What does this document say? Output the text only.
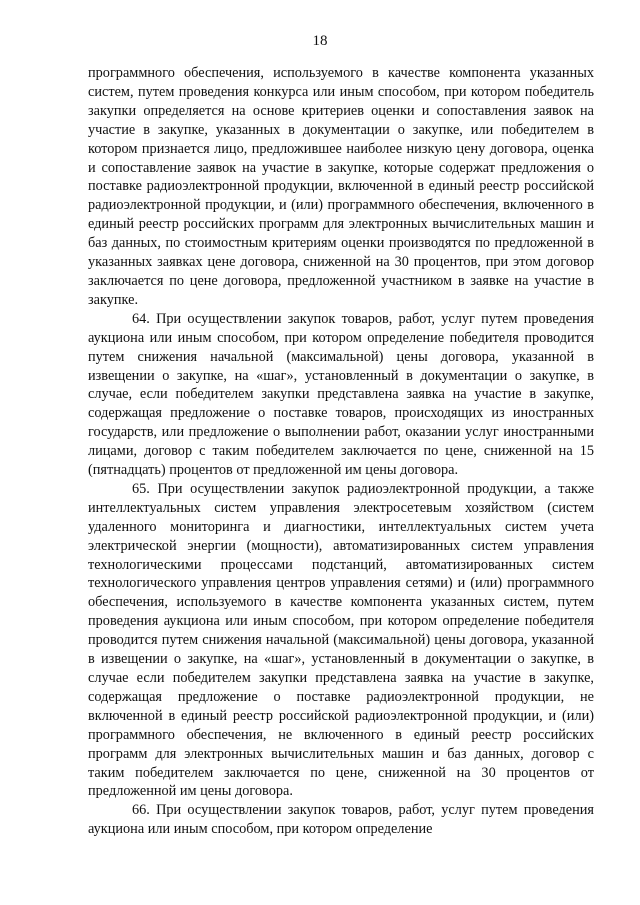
18

программного обеспечения, используемого в качестве компонента указанных систем, путем проведения конкурса или иным способом, при котором победитель закупки определяется на основе критериев оценки и сопоставления заявок на участие в закупке, указанных в документации о закупке, или победителем в котором признается лицо, предложившее наиболее низкую цену договора, оценка и сопоставление заявок на участие в закупке, которые содержат предложения о поставке радиоэлектронной продукции, включенной в единый реестр российской радиоэлектронной продукции, и (или) программного обеспечения, включенного в единый реестр российских программ для электронных вычислительных машин и баз данных, по стоимостным критериям оценки производятся по предложенной в указанных заявках цене договора, сниженной на 30 процентов, при этом договор заключается по цене договора, предложенной участником в заявке на участие в закупке.

64. При осуществлении закупок товаров, работ, услуг путем проведения аукциона или иным способом, при котором определение победителя проводится путем снижения начальной (максимальной) цены договора, указанной в извещении о закупке, на «шаг», установленный в документации о закупке, в случае, если победителем закупки представлена заявка на участие в закупке, содержащая предложение о поставке товаров, происходящих из иностранных государств, или предложение о выполнении работ, оказании услуг иностранными лицами, договор с таким победителем заключается по цене, сниженной на 15 (пятнадцать) процентов от предложенной им цены договора.

65. При осуществлении закупок радиоэлектронной продукции, а также интеллектуальных систем управления электросетевым хозяйством (систем удаленного мониторинга и диагностики, интеллектуальных систем учета электрической энергии (мощности), автоматизированных систем управления технологическими процессами подстанций, автоматизированных систем технологического управления центров управления сетями) и (или) программного обеспечения, используемого в качестве компонента указанных систем, путем проведения аукциона или иным способом, при котором определение победителя проводится путем снижения начальной (максимальной) цены договора, указанной в извещении о закупке, на «шаг», установленный в документации о закупке, в случае если победителем закупки представлена заявка на участие в закупке, содержащая предложение о поставке радиоэлектронной продукции, не включенной в единый реестр российской радиоэлектронной продукции, и (или) программного обеспечения, не включенного в единый реестр российских программ для электронных вычислительных машин и баз данных, договор с таким победителем заключается по цене, сниженной на 30 процентов от предложенной им цены договора.

66. При осуществлении закупок товаров, работ, услуг путем проведения аукциона или иным способом, при котором определение
